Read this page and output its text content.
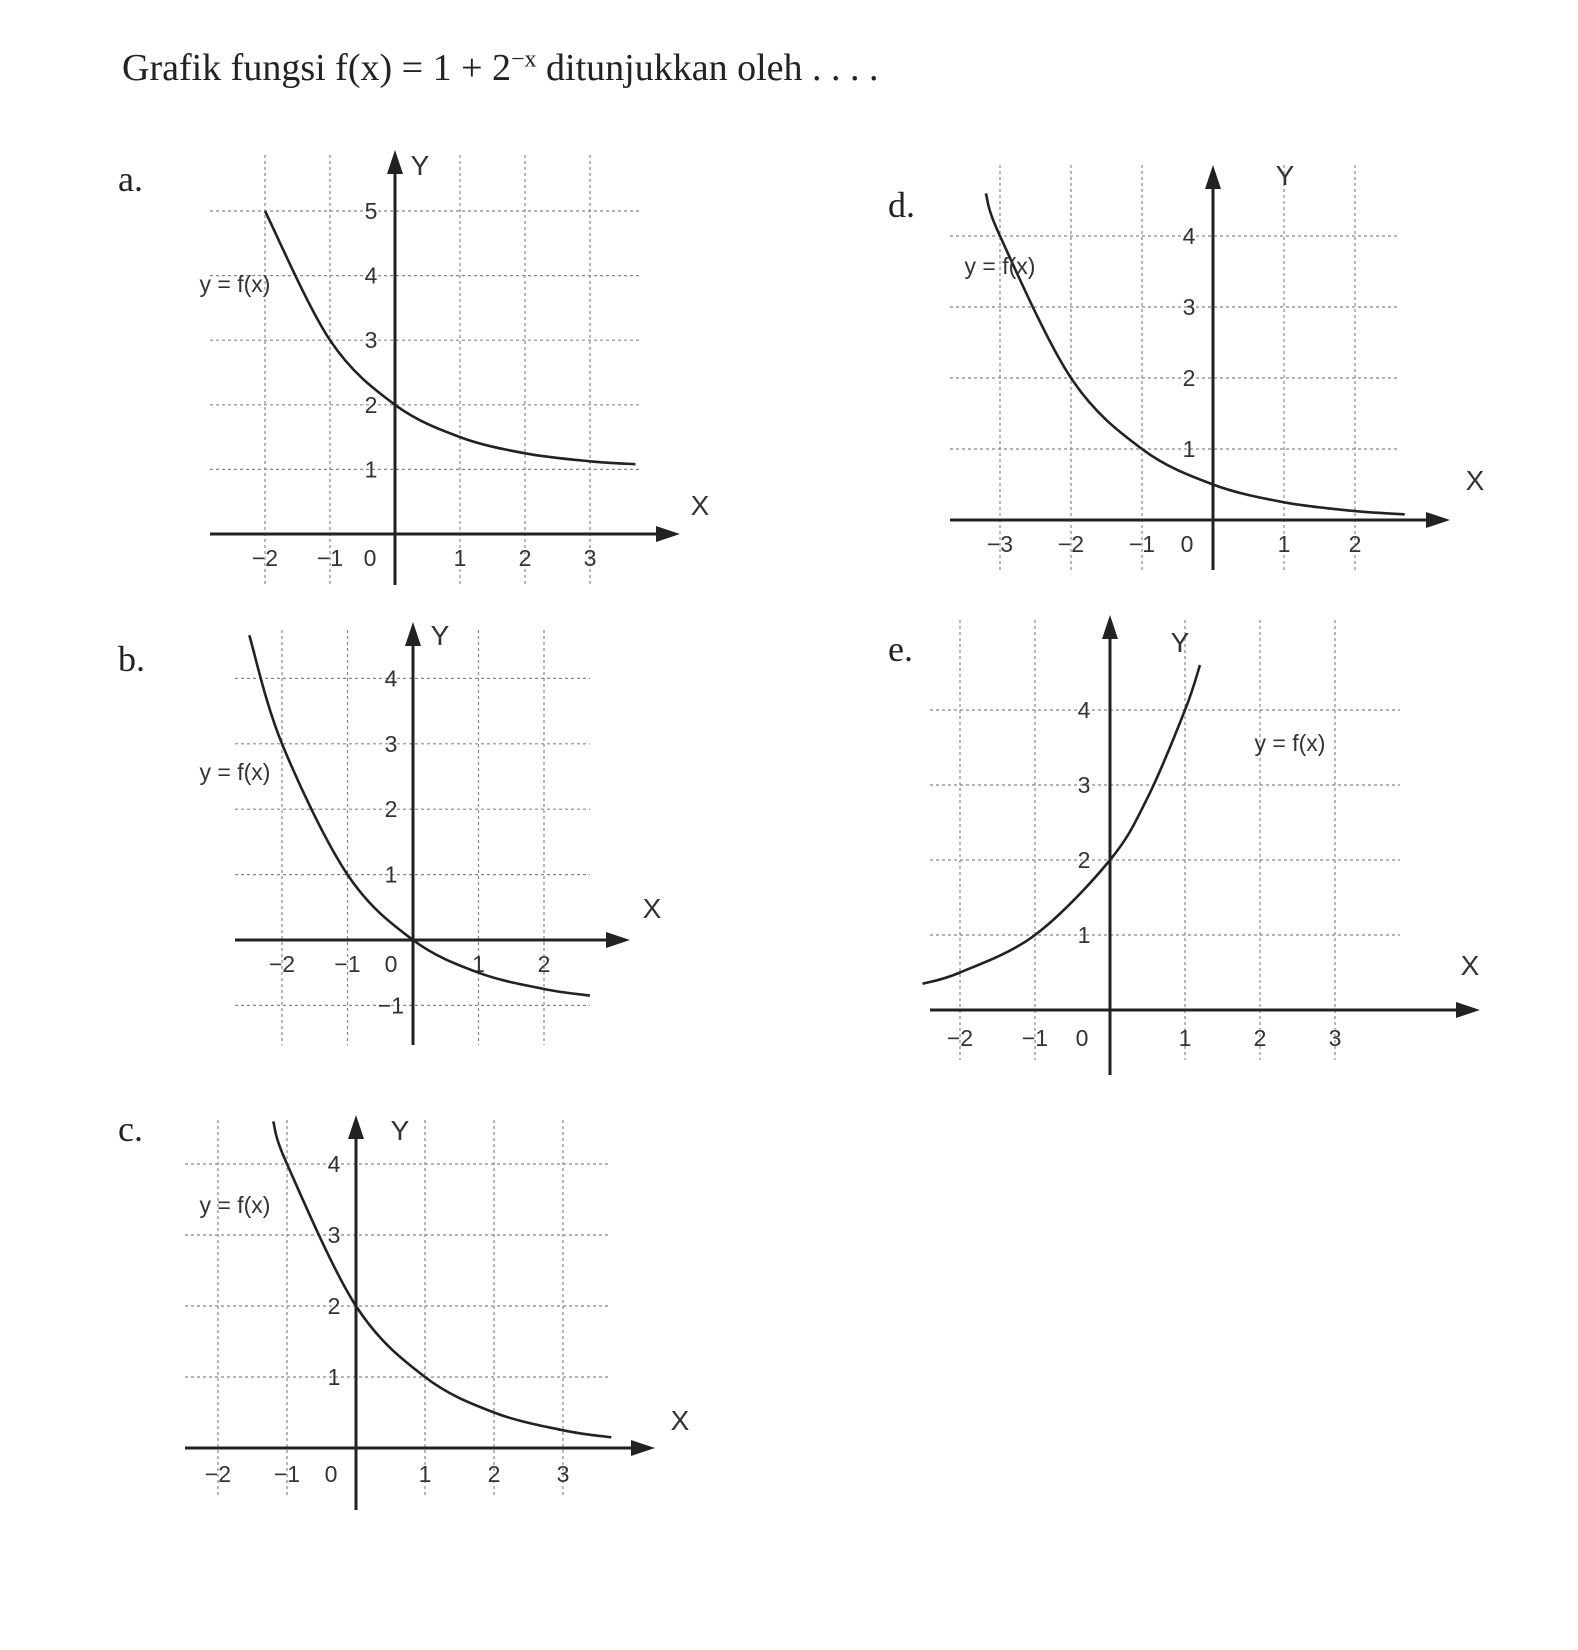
Grafik fungsi $f(x) = 1 + 2^{-x}$ ditunjukkan oleh . . . .
a.
b.
c.
d.
e.
X
Y
−2 −1 0	1 2 3
1
2
3
4
5
y = f(x)
X
Y
−2 −1 0	1 2
−1
1
2
3
4
y = f(x)
X
Y
−2 −1 0	1 2 3
1
2
3
4
y = f(x)
X
Y
−3 −2 −1 0	1	2
1
2
3
4
y = f(x)
X
Y
−2 −1 0	1	2	3
1
2
3
4
y = f(x)
